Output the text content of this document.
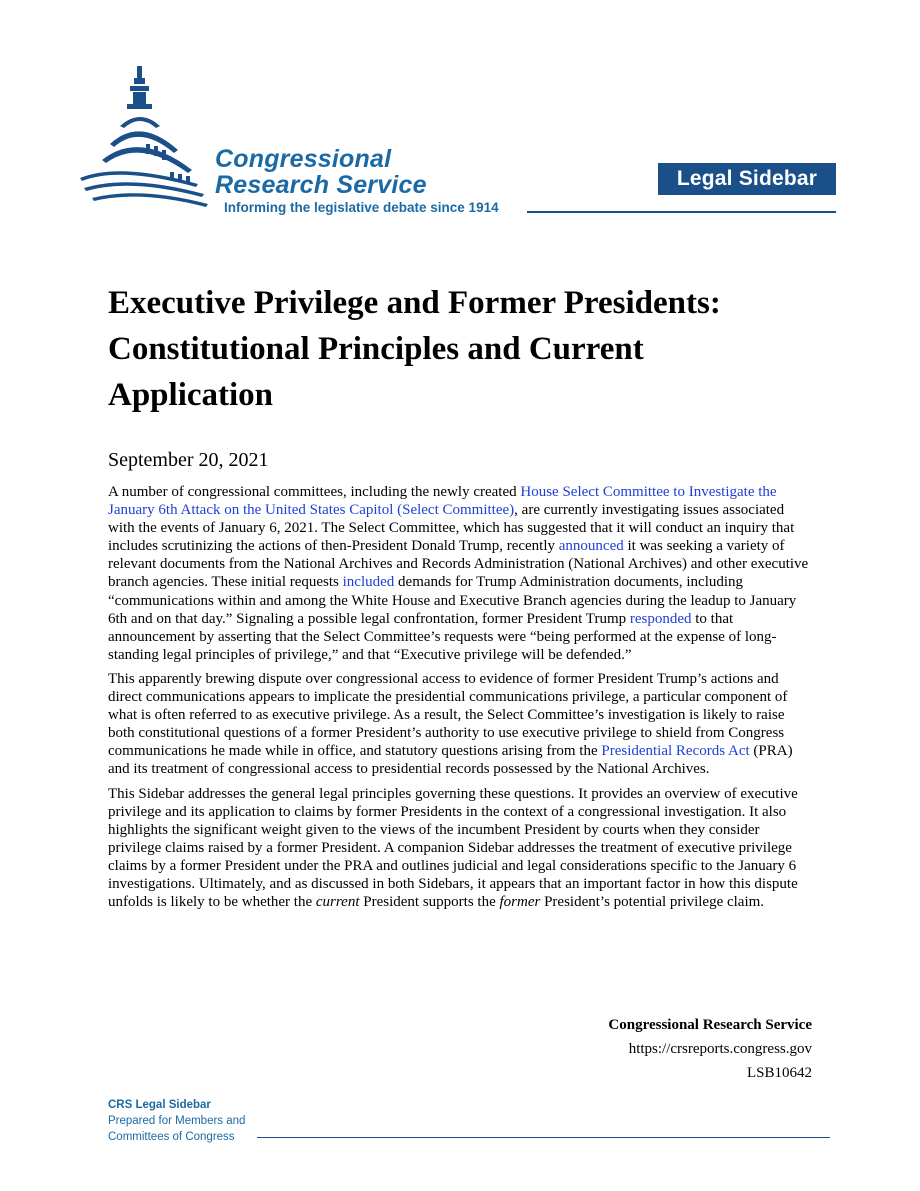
Congressional
Research Service
Informing the legislative debate since 1914
Legal Sidebar
Executive Privilege and Former Presidents: Constitutional Principles and Current Application
September 20, 2021

A number of congressional committees, including the newly created House Select Committee to Investigate the January 6th Attack on the United States Capitol (Select Committee), are currently investigating issues associated with the events of January 6, 2021. The Select Committee, which has suggested that it will conduct an inquiry that includes scrutinizing the actions of then-President Donald Trump, recently announced it was seeking a variety of relevant documents from the National Archives and Records Administration (National Archives) and other executive branch agencies. These initial requests included demands for Trump Administration documents, including “communications within and among the White House and Executive Branch agencies during the leadup to January 6th and on that day.” Signaling a possible legal confrontation, former President Trump responded to that announcement by asserting that the Select Committee’s requests were “being performed at the expense of long-standing legal principles of privilege,” and that “Executive privilege will be defended.”

This apparently brewing dispute over congressional access to evidence of former President Trump’s actions and direct communications appears to implicate the presidential communications privilege, a particular component of what is often referred to as executive privilege. As a result, the Select Committee’s investigation is likely to raise both constitutional questions of a former President’s authority to use executive privilege to shield from Congress communications he made while in office, and statutory questions arising from the Presidential Records Act (PRA) and its treatment of congressional access to presidential records possessed by the National Archives.

This Sidebar addresses the general legal principles governing these questions. It provides an overview of executive privilege and its application to claims by former Presidents in the context of a congressional investigation. It also highlights the significant weight given to the views of the incumbent President by courts when they consider privilege claims raised by a former President. A companion Sidebar addresses the treatment of executive privilege claims by a former President under the PRA and outlines judicial and legal considerations specific to the January 6 investigations. Ultimately, and as discussed in both Sidebars, it appears that an important factor in how this dispute unfolds is likely to be whether the current President supports the former President’s potential privilege claim.

Congressional Research Service
https://crsreports.congress.gov
LSB10642
CRS Legal Sidebar
Prepared for Members and
Committees of Congress
